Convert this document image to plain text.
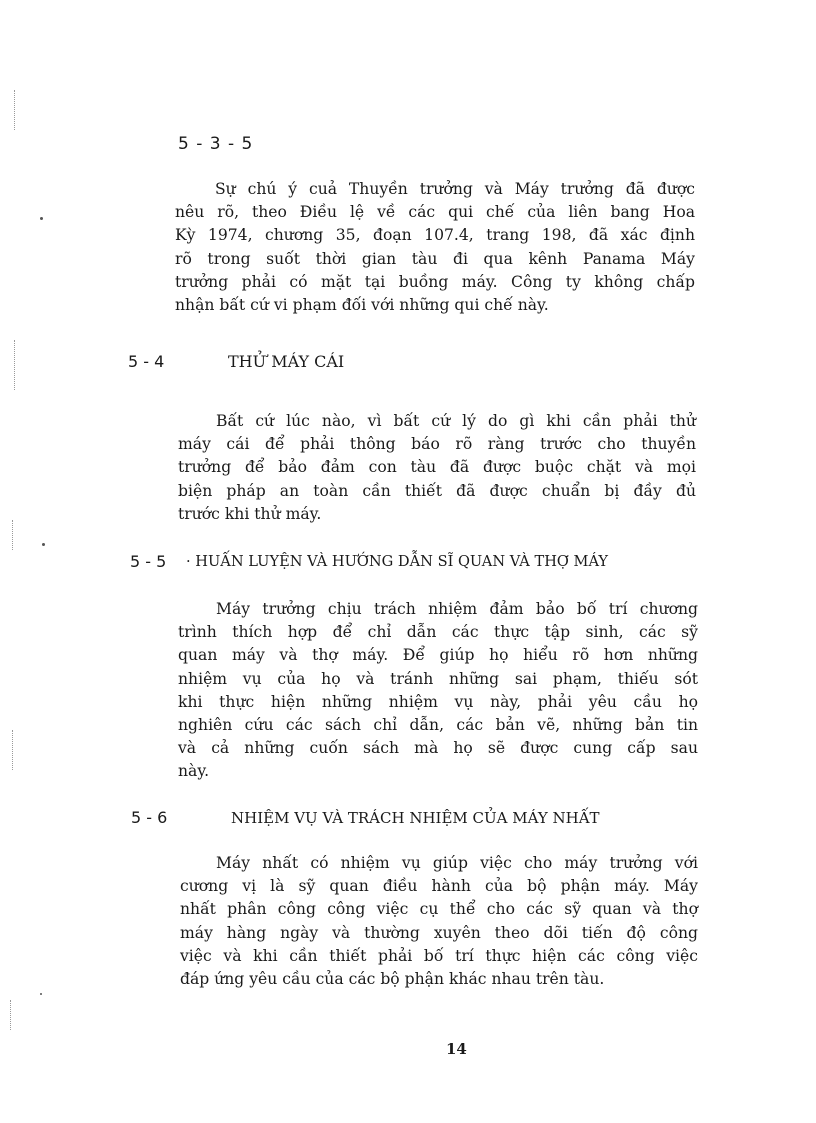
5 - 3 - 5
Sự chú ý cuả Thuyền trưởng và Máy trưởng đã được
nêu rõ, theo Điều lệ về các qui chế của liên bang Hoa
Kỳ 1974, chương 35, đoạn 107.4, trang 198, đã xác định
rõ trong suốt thời gian tàu đi qua kênh Panama Máy
trưởng phải có mặt tại buồng máy. Công ty không chấp
nhận bất cứ vi phạm đối với những qui chế này.
5 - 4	THỬ MÁY CÁI
Bất cứ lúc nào, vì bất cứ lý do gì khi cần phải thử
máy cái để phải thông báo rõ ràng trước cho thuyền
trưởng để bảo đảm con tàu đã được buộc chặt và mọi
biện pháp an toàn cần thiết đã được chuẩn bị đầy đủ
trước khi thử máy.
5 - 5 · HUẤN LUYỆN VÀ HƯỚNG DẪN SĨ QUAN VÀ THỢ MÁY
Máy trưởng chịu trách nhiệm đảm bảo bố trí chương
trình thích hợp để chỉ dẫn các thực tập sinh, các sỹ
quan máy và thợ máy. Để giúp họ hiểu rõ hơn những
nhiệm vụ của họ và tránh những sai phạm, thiếu sót
khi thực hiện những nhiệm vụ này, phải yêu cầu họ
nghiên cứu các sách chỉ dẫn, các bản vẽ, những bản tin
và cả những cuốn sách mà họ sẽ được cung cấp sau
này.
5 - 6	NHIỆM VỤ VÀ TRÁCH NHIỆM CỦA MÁY NHẤT
Máy nhất có nhiệm vụ giúp việc cho máy trưởng với
cương vị là sỹ quan điều hành của bộ phận máy. Máy
nhất phân công công việc cụ thể cho các sỹ quan và thợ
máy hàng ngày và thường xuyên theo dõi tiến độ công
việc và khi cần thiết phải bố trí thực hiện các công việc
đáp ứng yêu cầu của các bộ phận khác nhau trên tàu.
14
